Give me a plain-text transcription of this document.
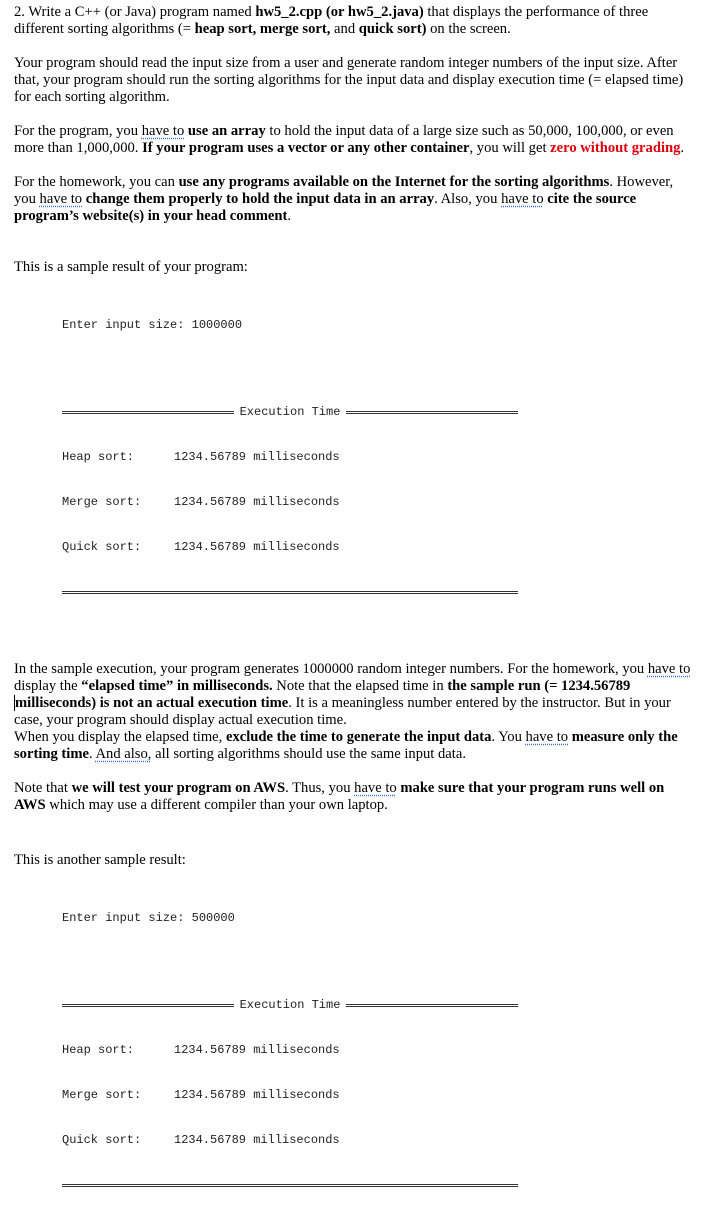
2. Write a C++ (or Java) program named hw5_2.cpp (or hw5_2.java) that displays the performance of three different sorting algorithms (= heap sort, merge sort, and quick sort) on the screen.

Your program should read the input size from a user and generate random integer numbers of the input size. After that, your program should run the sorting algorithms for the input data and display execution time (= elapsed time) for each sorting algorithm.

For the program, you have to use an array to hold the input data of a large size such as 50,000, 100,000, or even more than 1,000,000. If your program uses a vector or any other container, you will get zero without grading.

For the homework, you can use any programs available on the Internet for the sorting algorithms. However, you have to change them properly to hold the input data in an array. Also, you have to cite the source program’s website(s) in your head comment.

This is a sample result of your program:

Enter input size: 1000000

Execution Time

Heap sort:	1234.56789 milliseconds

Merge sort:	1234.56789 milliseconds

Quick sort:	1234.56789 milliseconds

In the sample execution, your program generates 1000000 random integer numbers. For the homework, you have to display the “elapsed time” in milliseconds. Note that the elapsed time in the sample run (= 1234.56789 milliseconds) is not an actual execution time. It is a meaningless number entered by the instructor. But in your case, your program should display actual execution time.

When you display the elapsed time, exclude the time to generate the input data. You have to measure only the sorting time. And also, all sorting algorithms should use the same input data.

Note that we will test your program on AWS. Thus, you have to make sure that your program runs well on AWS which may use a different compiler than your own laptop.

This is another sample result:

Enter input size: 500000

Execution Time

Heap sort:	1234.56789 milliseconds

Merge sort:	1234.56789 milliseconds

Quick sort:	1234.56789 milliseconds
